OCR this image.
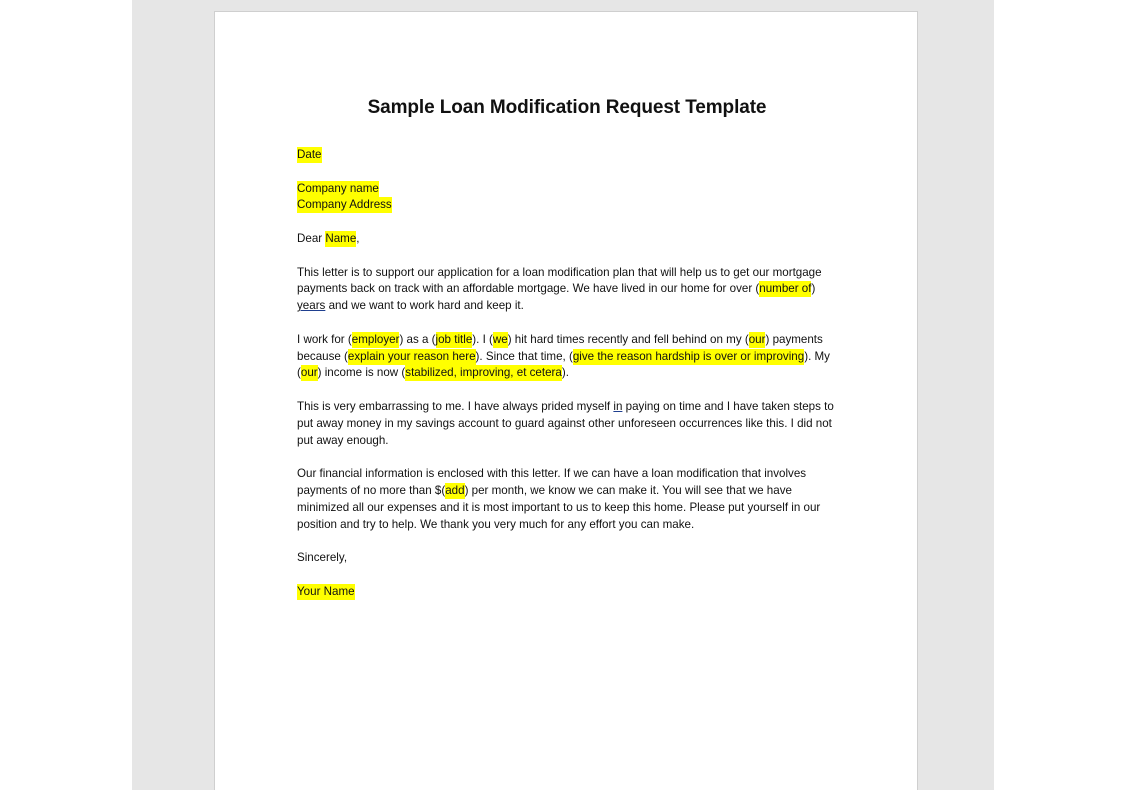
Sample Loan Modification Request Template

Date

Company name

Company Address

Dear Name,

This letter is to support our application for a loan modification plan that will help us to get our mortgage payments back on track with an affordable mortgage. We have lived in our home for over (number of) years and we want to work hard and keep it.

I work for (employer) as a (job title). I (we) hit hard times recently and fell behind on my (our) payments because (explain your reason here). Since that time, (give the reason hardship is over or improving). My (our) income is now (stabilized, improving, et cetera).

This is very embarrassing to me. I have always prided myself in paying on time and I have taken steps to put away money in my savings account to guard against other unforeseen occurrences like this. I did not put away enough.

Our financial information is enclosed with this letter. If we can have a loan modification that involves payments of no more than $(add) per month, we know we can make it. You will see that we have minimized all our expenses and it is most important to us to keep this home. Please put yourself in our position and try to help. We thank you very much for any effort you can make.

Sincerely,

Your Name
